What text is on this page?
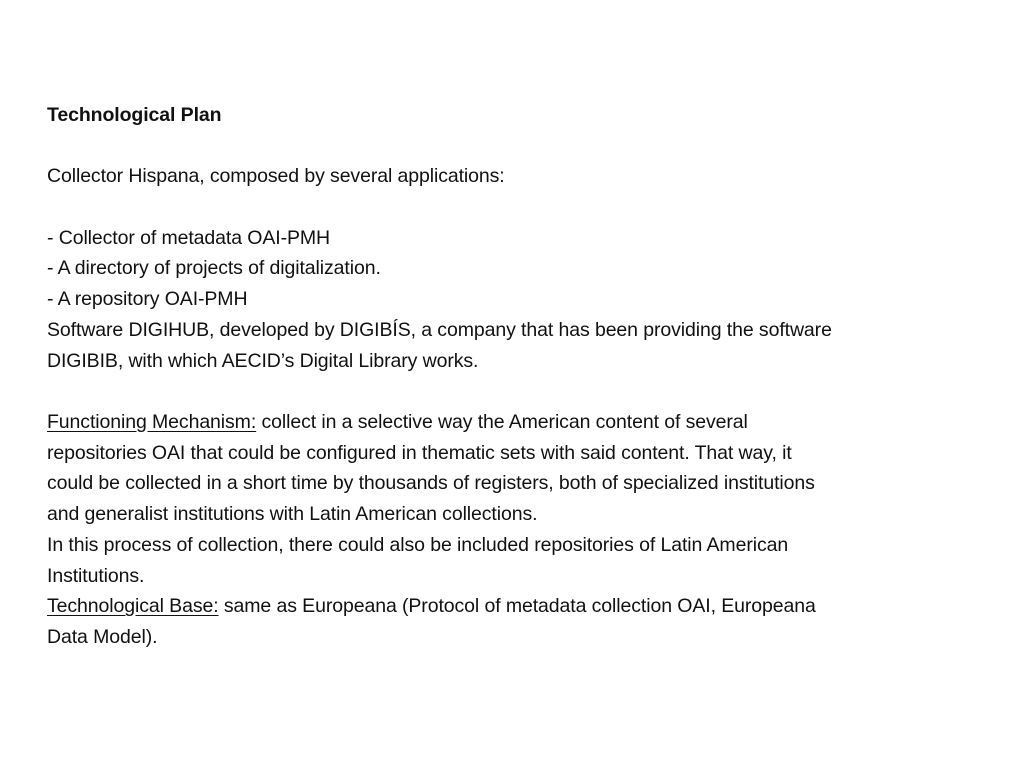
Technological Plan

Collector Hispana, composed by several applications:

- Collector of metadata OAI-PMH

- A directory of projects of digitalization.

- A repository OAI-PMH

Software DIGIHUB, developed by DIGIBÍS, a company that has been providing the software

DIGIBIB, with which AECID’s Digital Library works.

Functioning Mechanism: collect in a selective way the American content of several

repositories OAI that could be configured in thematic sets with said content. That way, it

could be collected in a short time by thousands of registers, both of specialized institutions

and generalist institutions with Latin American collections.

In this process of collection, there could also be included repositories of Latin American

Institutions.

Technological Base: same as Europeana (Protocol of metadata collection OAI, Europeana

Data Model).
